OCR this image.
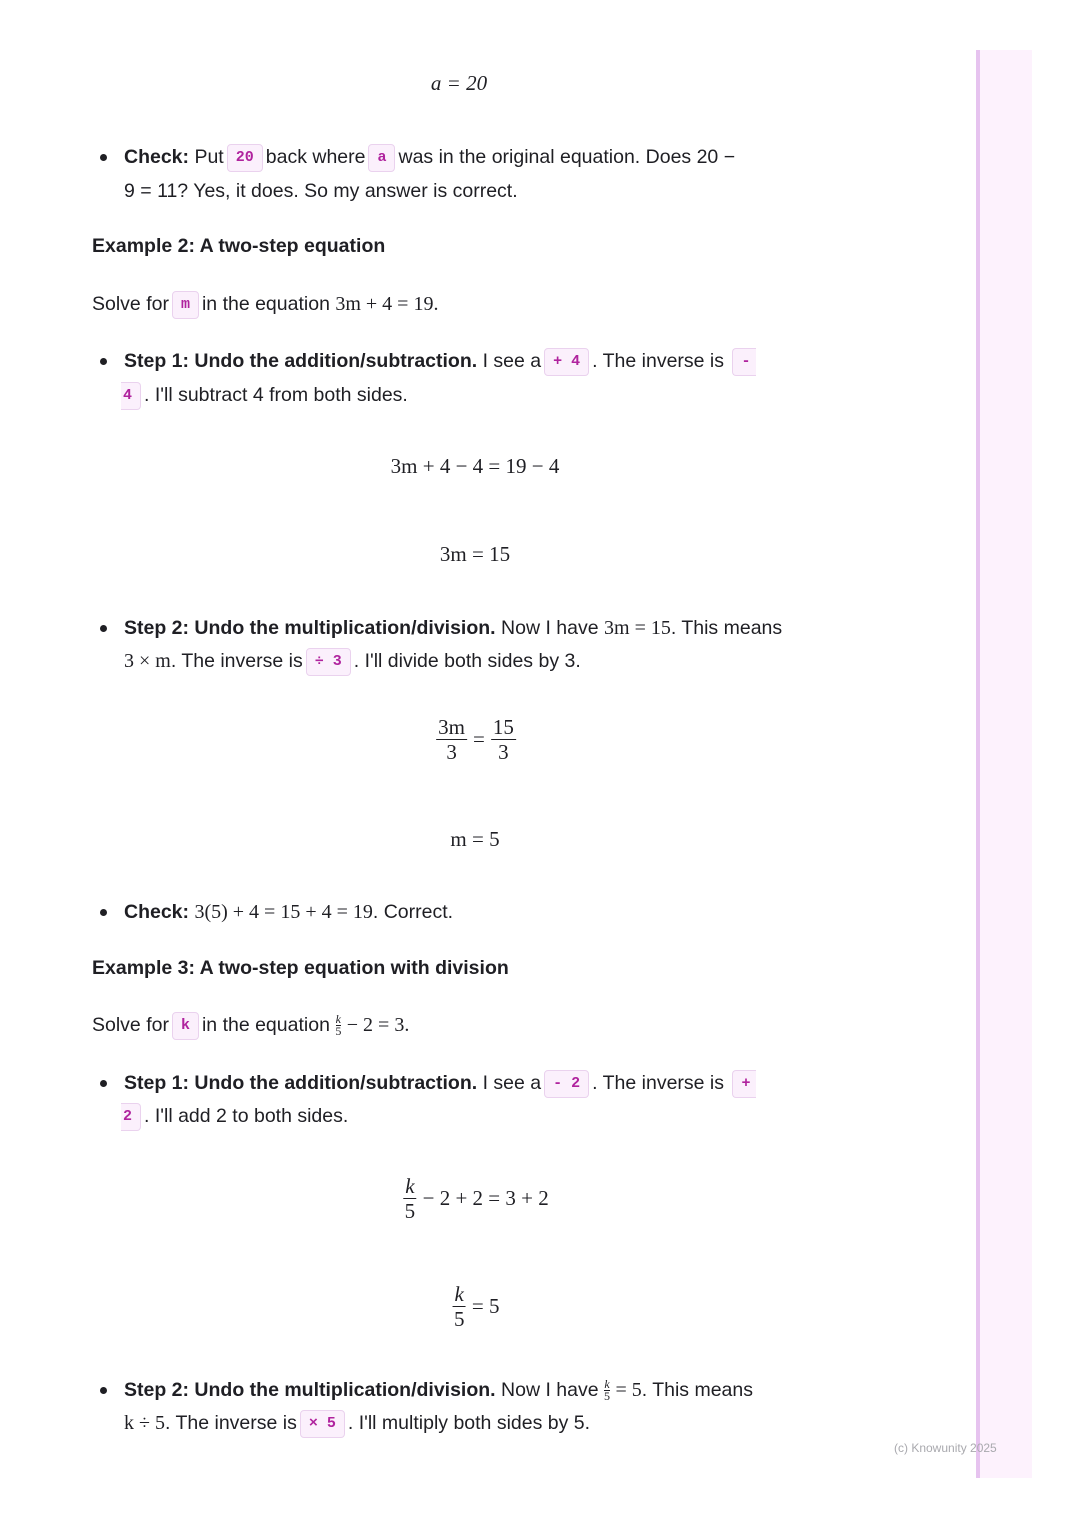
a = 20
Check: Put 20 back where a was in the original equation. Does 20 −
9 = 11? Yes, it does. So my answer is correct.
Example 2: A two-step equation
Solve for m in the equation 3m + 4 = 19.
Step 1: Undo the addition/subtraction. I see a + 4 . The inverse is -
4 . I'll subtract 4 from both sides.
3m + 4 − 4 = 19 − 4
3m = 15
Step 2: Undo the multiplication/division. Now I have 3m = 15. This means
3 × m. The inverse is ÷ 3 . I'll divide both sides by 3.
$\frac{3m}{3} = \frac{15}{3}$
m = 5
Check: 3(5) + 4 = 15 + 4 = 19. Correct.
Example 3: A two-step equation with division
Solve for k in the equation $\frac{k}{5} - 2 = 3$.
Step 1: Undo the addition/subtraction. I see a - 2 . The inverse is +
2 . I'll add 2 to both sides.
$\frac{k}{5} - 2 + 2 = 3 + 2$
$\frac{k}{5} = 5$
Step 2: Undo the multiplication/division. Now I have $\frac{k}{5} = 5$. This means
k ÷ 5. The inverse is × 5 . I'll multiply both sides by 5.
(c) Knowunity 2025
